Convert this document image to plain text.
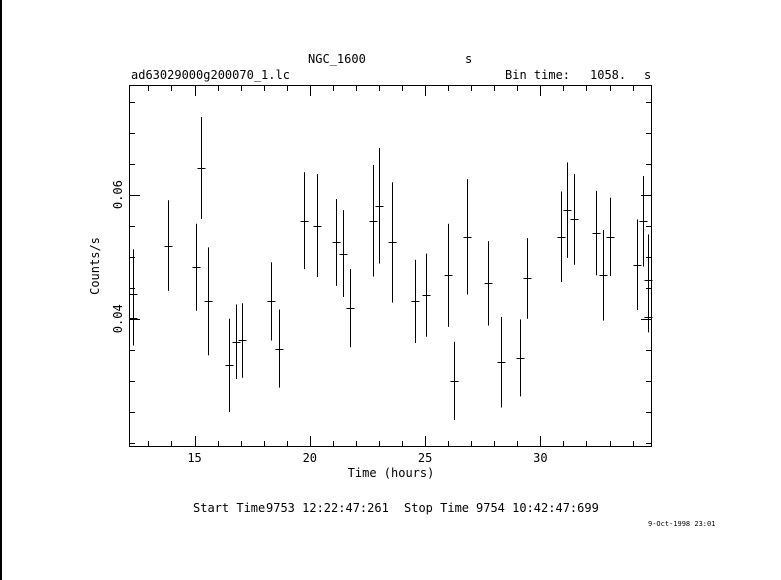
NGC_1600	s
ad63029000g200070_1.lc	Bin time: 1058. s
Start Time 9753 12:22:47:261 Stop Time 9754 10:42:47:699
9-Oct-1998 23:01
15	20	25	30
0.04
0.06
Time (hours)
Counts/s
